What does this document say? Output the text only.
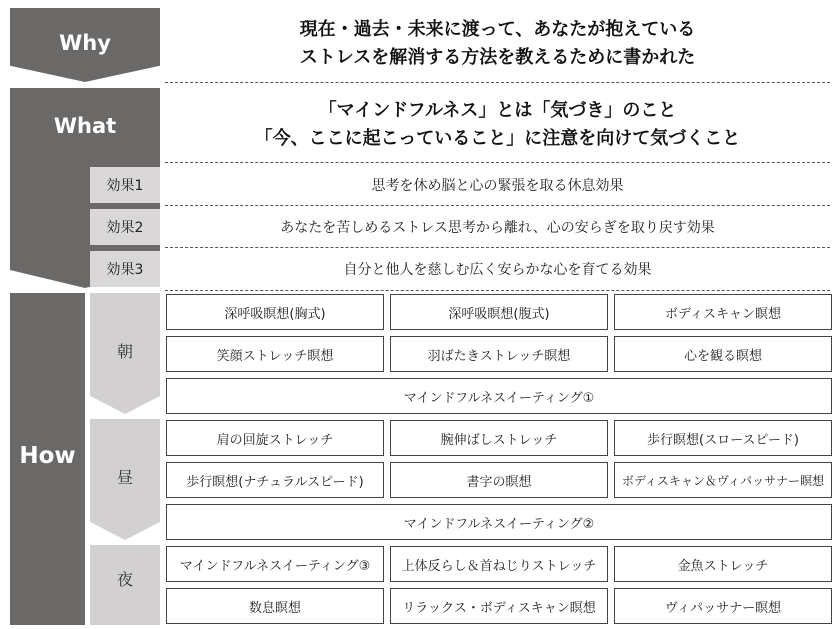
Why
現在・過去・未来に渡って、あなたが抱えている
ストレスを解消する方法を教えるために書かれた
What
「マインドフルネス」とは「気づき」のこと
「今、ここに起こっていること」に注意を向けて気づくこと
効果1	思考を休め脳と心の緊張を取る休息効果
効果2	あなたを苦しめるストレス思考から離れ、心の安らぎを取り戻す効果
効果3	自分と他人を慈しむ広く安らかな心を育てる効果
How
朝
深呼吸瞑想(胸式)	深呼吸瞑想(腹式)	ボディスキャン瞑想
笑顔ストレッチ瞑想	羽ばたきストレッチ瞑想	心を観る瞑想
マインドフルネスイーティング①
昼
肩の回旋ストレッチ	腕伸ばしストレッチ	歩行瞑想(スロースピード)
歩行瞑想(ナチュラルスピード)	書字の瞑想	ボディスキャン＆ヴィパッサナー瞑想
マインドフルネスイーティング②
夜
マインドフルネスイーティング③	上体反らし＆首ねじりストレッチ	金魚ストレッチ
数息瞑想	リラックス・ボディスキャン瞑想	ヴィパッサナー瞑想
